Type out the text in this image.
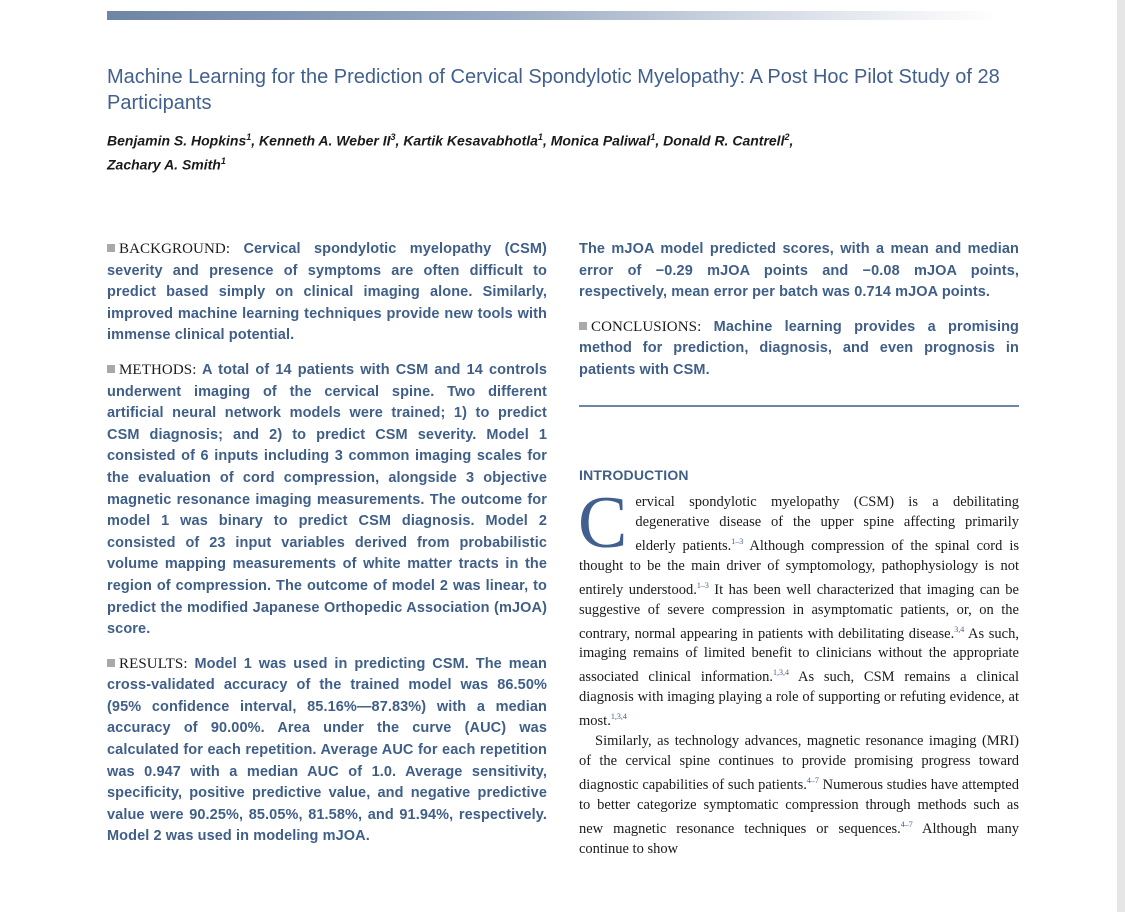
Machine Learning for the Prediction of Cervical Spondylotic Myelopathy: A Post Hoc Pilot Study of 28 Participants
Benjamin S. Hopkins$^1$, Kenneth A. Weber $II^3$, Kartik Kesavabhotla$^1$, Monica Paliwal$^1$, Donald R. Cantrell$^2$,
Zachary A. Smith$^1$

BACKGROUND: Cervical spondylotic myelopathy (CSM) severity and presence of symptoms are often difficult to predict based simply on clinical imaging alone. Similarly, improved machine learning techniques provide new tools with immense clinical potential.

METHODS: A total of 14 patients with CSM and 14 controls underwent imaging of the cervical spine. Two different artificial neural network models were trained; 1) to predict CSM diagnosis; and 2) to predict CSM severity. Model 1 consisted of 6 inputs including 3 common imaging scales for the evaluation of cord compression, alongside 3 objective magnetic resonance imaging measurements. The outcome for model 1 was binary to predict CSM diagnosis. Model 2 consisted of 23 input variables derived from probabilistic volume mapping measurements of white matter tracts in the region of compression. The outcome of model 2 was linear, to predict the modified Japanese Orthopedic Association (mJOA) score.

RESULTS: Model 1 was used in predicting CSM. The mean cross-validated accuracy of the trained model was 86.50% (95% confidence interval, 85.16%—87.83%) with a median accuracy of 90.00%. Area under the curve (AUC) was calculated for each repetition. Average AUC for each repetition was 0.947 with a median AUC of 1.0. Average sensitivity, specificity, positive predictive value, and negative predictive value were 90.25%, 85.05%, 81.58%, and 91.94%, respectively. Model 2 was used in modeling mJOA.

The mJOA model predicted scores, with a mean and median error of −0.29 mJOA points and −0.08 mJOA points, respectively, mean error per batch was 0.714 mJOA points.

CONCLUSIONS: Machine learning provides a promising method for prediction, diagnosis, and even prognosis in patients with CSM.

INTRODUCTION

Cervical spondylotic myelopathy (CSM) is a debilitating degenerative disease of the upper spine affecting primarily elderly patients.$^{1-3}$ Although compression of the spinal cord is thought to be the main driver of symptomology, pathophysiology is not entirely understood.$^{1-3}$ It has been well characterized that imaging can be suggestive of severe compression in asymptomatic patients, or, on the contrary, normal appearing in patients with debilitating disease.$^{3,4}$ As such, imaging remains of limited benefit to clinicians without the appropriate associated clinical information.$^{1,3,4}$ As such, CSM remains a clinical diagnosis with imaging playing a role of supporting or refuting evidence, at most.$^{1,3,4}$

Similarly, as technology advances, magnetic resonance imaging (MRI) of the cervical spine continues to provide promising progress toward diagnostic capabilities of such patients.$^{4-7}$ Numerous studies have attempted to better categorize symptomatic compression through methods such as new magnetic resonance techniques or sequences.$^{4-7}$ Although many continue to show
